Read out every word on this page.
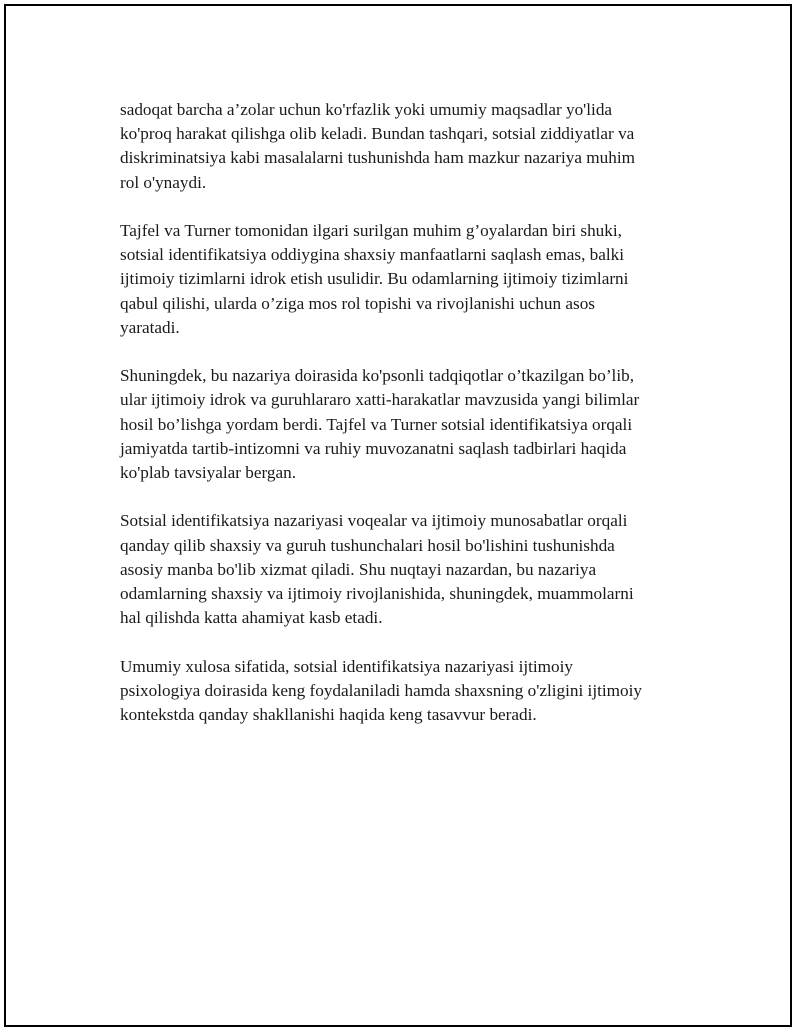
sadoqat barcha a’zolar uchun ko'rfazlik yoki umumiy maqsadlar yo'lida
ko'proq harakat qilishga olib keladi. Bundan tashqari, sotsial ziddiyatlar va
diskriminatsiya kabi masalalarni tushunishda ham mazkur nazariya muhim
rol o'ynaydi.

Tajfel va Turner tomonidan ilgari surilgan muhim g’oyalardan biri shuki,
sotsial identifikatsiya oddiygina shaxsiy manfaatlarni saqlash emas, balki
ijtimoiy tizimlarni idrok etish usulidir. Bu odamlarning ijtimoiy tizimlarni
qabul qilishi, ularda o’ziga mos rol topishi va rivojlanishi uchun asos
yaratadi.

Shuningdek, bu nazariya doirasida ko'psonli tadqiqotlar o’tkazilgan bo’lib,
ular ijtimoiy idrok va guruhlararo xatti-harakatlar mavzusida yangi bilimlar
hosil bo’lishga yordam berdi. Tajfel va Turner sotsial identifikatsiya orqali
jamiyatda tartib-intizomni va ruhiy muvozanatni saqlash tadbirlari haqida
ko'plab tavsiyalar bergan.

Sotsial identifikatsiya nazariyasi voqealar va ijtimoiy munosabatlar orqali
qanday qilib shaxsiy va guruh tushunchalari hosil bo'lishini tushunishda
asosiy manba bo'lib xizmat qiladi. Shu nuqtayi nazardan, bu nazariya
odamlarning shaxsiy va ijtimoiy rivojlanishida, shuningdek, muammolarni
hal qilishda katta ahamiyat kasb etadi.

Umumiy xulosa sifatida, sotsial identifikatsiya nazariyasi ijtimoiy
psixologiya doirasida keng foydalaniladi hamda shaxsning o'zligini ijtimoiy
kontekstda qanday shakllanishi haqida keng tasavvur beradi.
